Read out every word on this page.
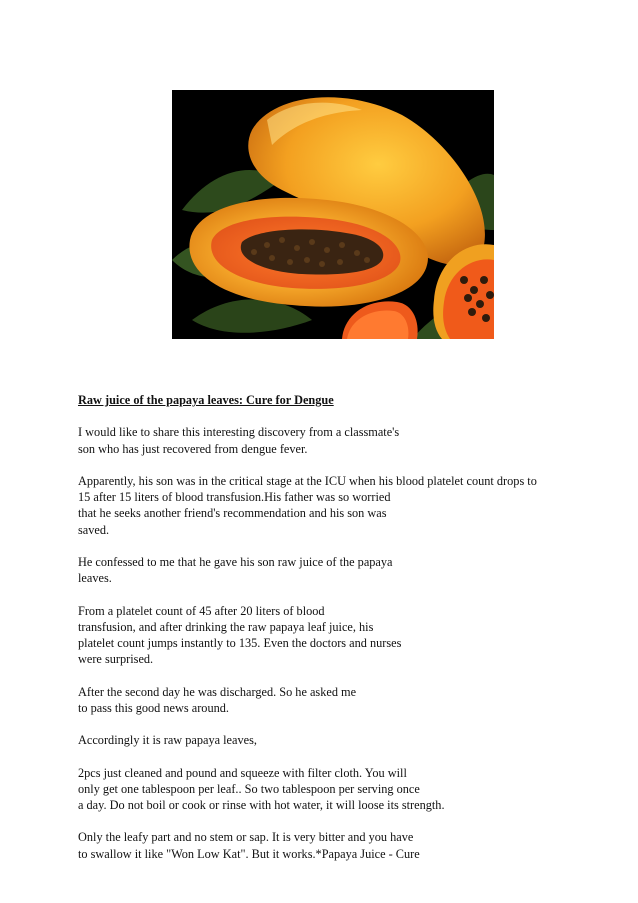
Raw juice of the papaya leaves: Cure for Dengue

I would like to share this interesting discovery from a classmate's
son who has just recovered from dengue fever.

Apparently, his son was in the critical stage at the ICU when his blood platelet count drops to
15 after 15 liters of blood transfusion.His father was so worried
that he seeks another friend's recommendation and his son was
saved.

He confessed to me that he gave his son raw juice of the papaya
leaves.

From a platelet count of 45 after 20 liters of blood
transfusion, and after drinking the raw papaya leaf juice, his
platelet count jumps instantly to 135. Even the doctors and nurses
were surprised.

After the second day he was discharged. So he asked me
to pass this good news around.

Accordingly it is raw papaya leaves,

2pcs just cleaned and pound and squeeze with filter cloth. You will
only get one tablespoon per leaf.. So two tablespoon per serving once
a day. Do not boil or cook or rinse with hot water, it will loose its strength.

Only the leafy part and no stem or sap. It is very bitter and you have
to swallow it like "Won Low Kat". But it works.*Papaya Juice - Cure
